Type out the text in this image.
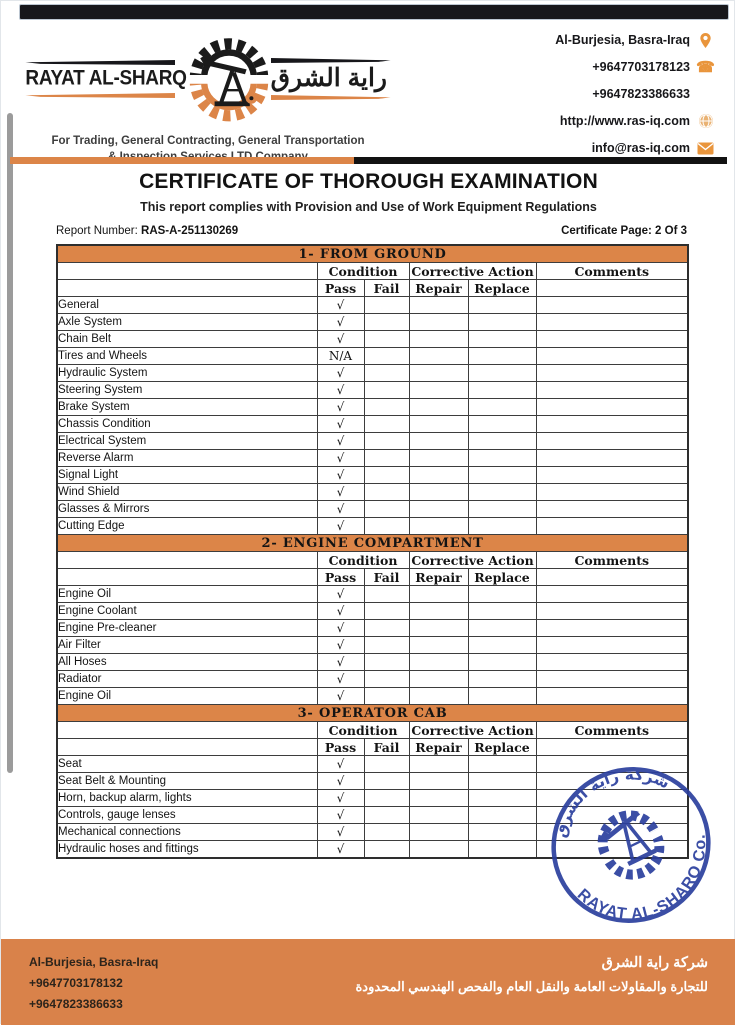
RAYAT AL-SHARQ	راية الشرق
For Trading, General Contracting, General Transportation

Al-Burjesia, Basra-Iraq
+9647703178123 ☎
+9647823386633
http://www.ras-iq.com
info@ras-iq.com
CERTIFICATE OF THOROUGH EXAMINATION
This report complies with Provision and Use of Work Equipment Regulations
Report Number: RAS-A-251130269	Certificate Page: 2 Of 3
1- FROM GROUND					
	Condition		Corrective Action		Comments
	Pass	Fail	Repair	Replace	
General	√				
Axle System	√				
Chain Belt	√				
Tires and Wheels	N/A				
Hydraulic System	√				
Steering System	√				
Brake System	√				
Chassis Condition	√				
Electrical System	√				
Reverse Alarm	√				
Signal Light	√				
Wind Shield	√				
Glasses & Mirrors	√				
Cutting Edge	√				
2- ENGINE COMPARTMENT					
	Condition		Corrective Action		Comments
	Pass	Fail	Repair	Replace	
Engine Oil	√				
Engine Coolant	√				
Engine Pre-cleaner	√				
Air Filter	√				
All Hoses	√				
Radiator	√				
Engine Oil	√				
3- OPERATOR CAB					
	Condition		Corrective Action		Comments
	Pass	Fail	Repair	Replace	
Seat	√				
Seat Belt & Mounting	√				
Horn, backup alarm, lights	√				
Controls, gauge lenses	√				
Mechanical connections	√				
Hydraulic hoses and fittings	√				
شركة راية الشرق
RAYAT AL-SHARQ Co.
Al-Burjesia, Basra-Iraq
+9647703178132
+9647823386633
شركة راية الشرق
للتجارة والمقاولات العامة والنقل العام والفحص الهندسي المحدودة
